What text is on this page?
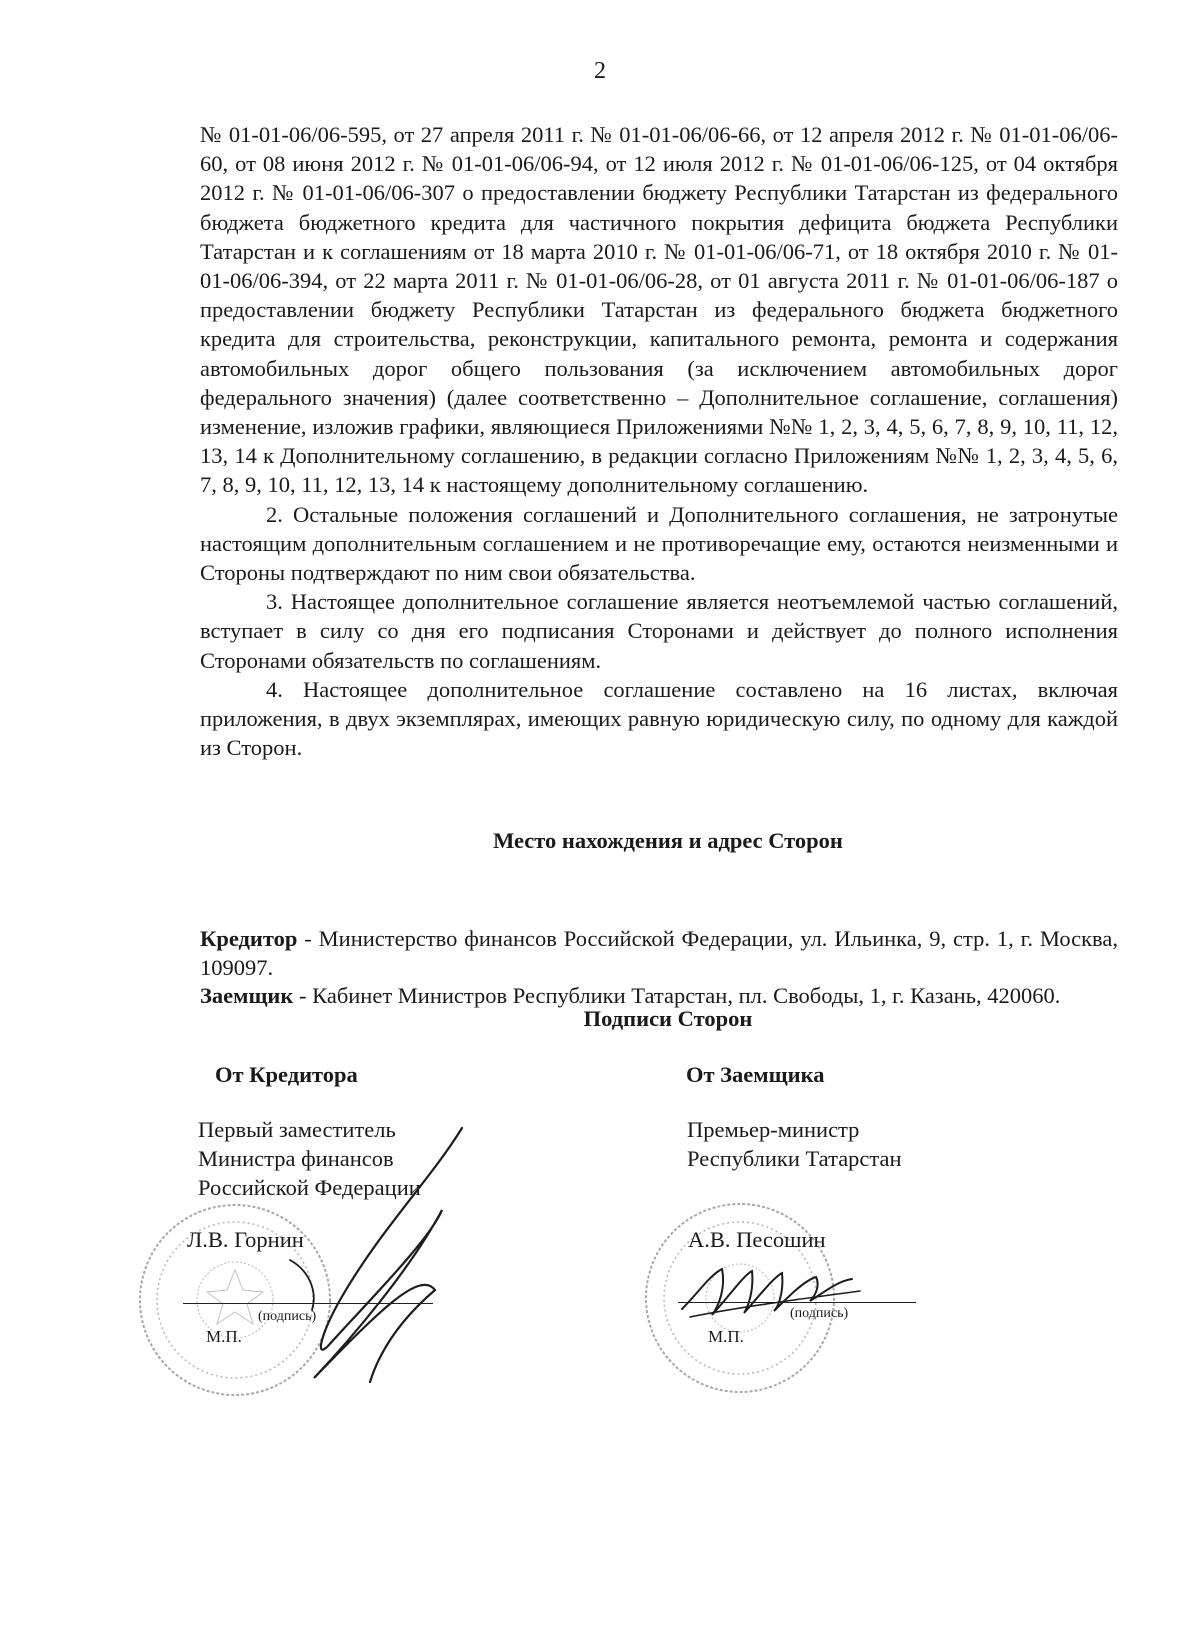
2

№ 01-01-06/06-595, от 27 апреля 2011 г. № 01-01-06/06-66, от 12 апреля 2012 г. № 01-01-06/06-60, от 08 июня 2012 г. № 01-01-06/06-94, от 12 июля 2012 г. № 01-01-06/06-125, от 04 октября 2012 г. № 01-01-06/06-307 о предоставлении бюджету Республики Татарстан из федерального бюджета бюджетного кредита для частичного покрытия дефицита бюджета Республики Татарстан и к соглашениям от 18 марта 2010 г. № 01-01-06/06-71, от 18 октября 2010 г. № 01-01-06/06-394, от 22 марта 2011 г. № 01-01-06/06-28, от 01 августа 2011 г. № 01-01-06/06-187 о предоставлении бюджету Республики Татарстан из федерального бюджета бюджетного кредита для строительства, реконструкции, капитального ремонта, ремонта и содержания автомобильных дорог общего пользования (за исключением автомобильных дорог федерального значения) (далее соответственно – Дополнительное соглашение, соглашения) изменение, изложив графики, являющиеся Приложениями №№ 1, 2, 3, 4, 5, 6, 7, 8, 9, 10, 11, 12, 13, 14 к Дополнительному соглашению, в редакции согласно Приложениям №№ 1, 2, 3, 4, 5, 6, 7, 8, 9, 10, 11, 12, 13, 14 к настоящему дополнительному соглашению.

2. Остальные положения соглашений и Дополнительного соглашения, не затронутые настоящим дополнительным соглашением и не противоречащие ему, остаются неизменными и Стороны подтверждают по ним свои обязательства.

3. Настоящее дополнительное соглашение является неотъемлемой частью соглашений, вступает в силу со дня его подписания Сторонами и действует до полного исполнения Сторонами обязательств по соглашениям.

4. Настоящее дополнительное соглашение составлено на 16 листах, включая приложения, в двух экземплярах, имеющих равную юридическую силу, по одному для каждой из Сторон.

Место нахождения и адрес Сторон

Кредитор - Министерство финансов Российской Федерации, ул. Ильинка, 9, стр. 1, г. Москва, 109097.

Заемщик - Кабинет Министров Республики Татарстан, пл. Свободы, 1, г. Казань, 420060.

Подписи Сторон
От Кредитора
Первый заместитель
Министра финансов
Российской Федерации
Л.В. Горнин
(подпись)
М.П.
От Заемщика
Премьер-министр
Республики Татарстан
А.В. Песошин
(подпись)
М.П.
